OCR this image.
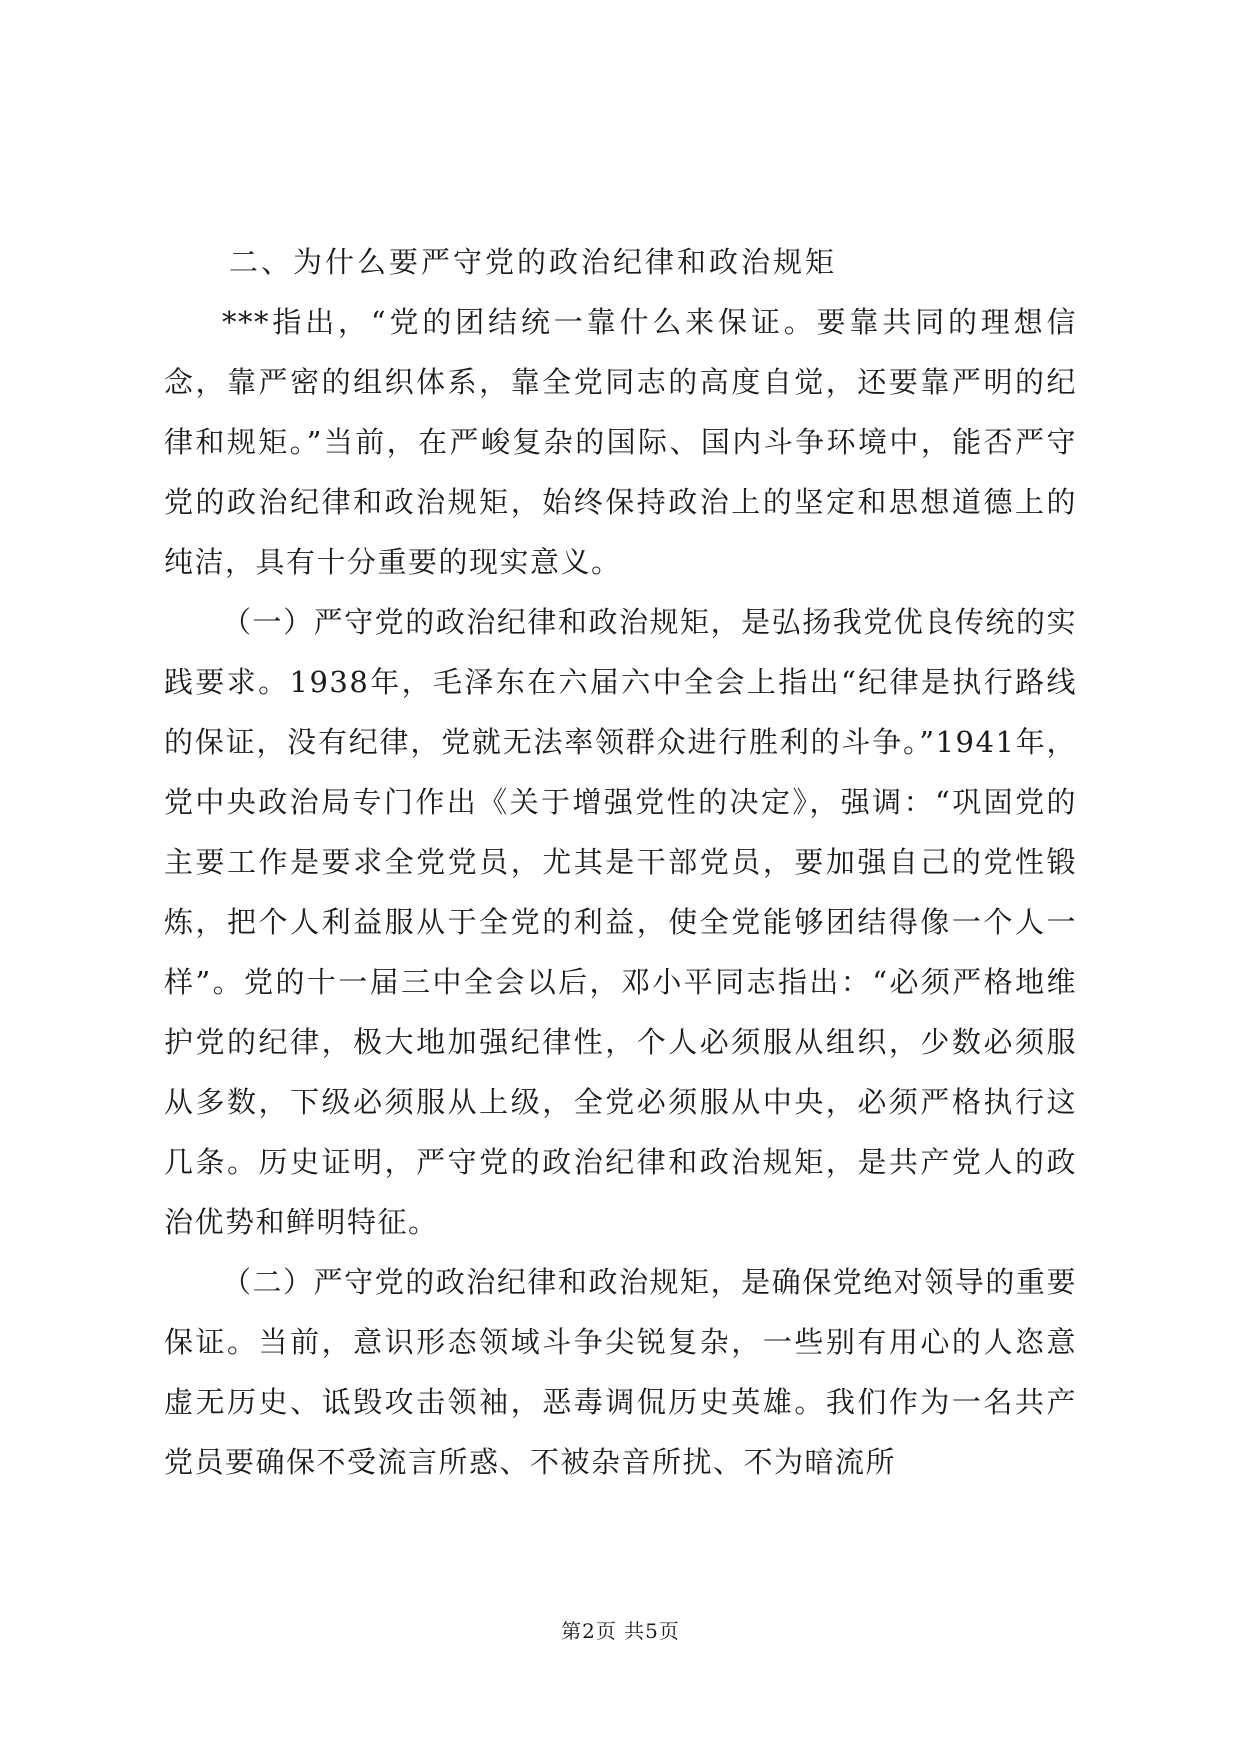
二、为什么要严守党的政治纪律和政治规矩

***指出，“党的团结统一靠什么来保证。要靠共同的理想信念，靠严密的组织体系，靠全党同志的高度自觉，还要靠严明的纪律和规矩。”当前，在严峻复杂的国际、国内斗争环境中，能否严守党的政治纪律和政治规矩，始终保持政治上的坚定和思想道德上的纯洁，具有十分重要的现实意义。

（一）严守党的政治纪律和政治规矩，是弘扬我党优良传统的实践要求。1938年，毛泽东在六届六中全会上指出“纪律是执行路线的保证，没有纪律，党就无法率领群众进行胜利的斗争。”1941年，党中央政治局专门作出《关于增强党性的决定》，强调：“巩固党的主要工作是要求全党党员，尤其是干部党员，要加强自己的党性锻炼，把个人利益服从于全党的利益，使全党能够团结得像一个人一样”。党的十一届三中全会以后，邓小平同志指出：“必须严格地维护党的纪律，极大地加强纪律性，个人必须服从组织，少数必须服从多数，下级必须服从上级，全党必须服从中央，必须严格执行这几条。历史证明，严守党的政治纪律和政治规矩，是共产党人的政治优势和鲜明特征。

（二）严守党的政治纪律和政治规矩，是确保党绝对领导的重要保证。当前，意识形态领域斗争尖锐复杂，一些别有用心的人恣意虚无历史、诋毁攻击领袖，恶毒调侃历史英雄。我们作为一名共产党员要确保不受流言所惑、不被杂音所扰、不为暗流所

第2页 共5页
